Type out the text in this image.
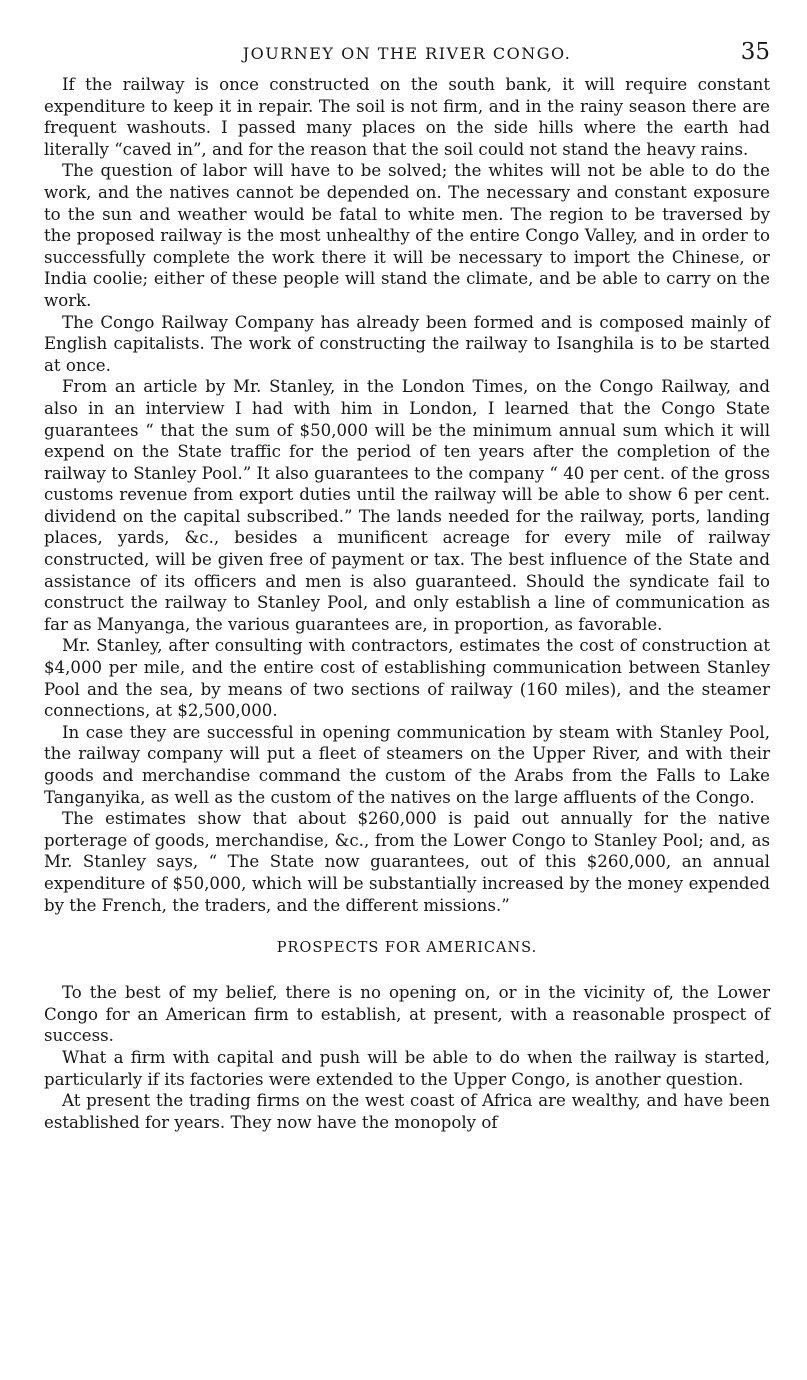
JOURNEY ON THE RIVER CONGO.	35

If the railway is once constructed on the south bank, it will require constant expenditure to keep it in repair. The soil is not firm, and in the rainy season there are frequent washouts. I passed many places on the side hills where the earth had literally “caved in”, and for the reason that the soil could not stand the heavy rains.

The question of labor will have to be solved; the whites will not be able to do the work, and the natives cannot be depended on. The necessary and constant exposure to the sun and weather would be fatal to white men. The region to be traversed by the proposed railway is the most unhealthy of the entire Congo Valley, and in order to successfully complete the work there it will be necessary to import the Chinese, or India coolie; either of these people will stand the climate, and be able to carry on the work.

The Congo Railway Company has already been formed and is composed mainly of English capitalists. The work of constructing the railway to Isanghila is to be started at once.

From an article by Mr. Stanley, in the London Times, on the Congo Railway, and also in an interview I had with him in London, I learned that the Congo State guarantees “ that the sum of $50,000 will be the minimum annual sum which it will expend on the State traffic for the period of ten years after the completion of the railway to Stanley Pool.” It also guarantees to the company “ 40 per cent. of the gross customs revenue from export duties until the railway will be able to show 6 per cent. dividend on the capital subscribed.” The lands needed for the railway, ports, landing places, yards, &c., besides a munificent acreage for every mile of railway constructed, will be given free of payment or tax. The best influence of the State and assistance of its officers and men is also guaranteed. Should the syndicate fail to construct the railway to Stanley Pool, and only establish a line of communication as far as Manyanga, the various guarantees are, in proportion, as favorable.

Mr. Stanley, after consulting with contractors, estimates the cost of construction at $4,000 per mile, and the entire cost of establishing communication between Stanley Pool and the sea, by means of two sections of railway (160 miles), and the steamer connections, at $2,500,000.

In case they are successful in opening communication by steam with Stanley Pool, the railway company will put a fleet of steamers on the Upper River, and with their goods and merchandise command the custom of the Arabs from the Falls to Lake Tanganyika, as well as the custom of the natives on the large affluents of the Congo.

The estimates show that about $260,000 is paid out annually for the native porterage of goods, merchandise, &c., from the Lower Congo to Stanley Pool; and, as Mr. Stanley says, “ The State now guarantees, out of this $260,000, an annual expenditure of $50,000, which will be substantially increased by the money expended by the French, the traders, and the different missions.”

PROSPECTS FOR AMERICANS.

To the best of my belief, there is no opening on, or in the vicinity of, the Lower Congo for an American firm to establish, at present, with a reasonable prospect of success.

What a firm with capital and push will be able to do when the railway is started, particularly if its factories were extended to the Upper Congo, is another question.

At present the trading firms on the west coast of Africa are wealthy, and have been established for years. They now have the monopoly of
